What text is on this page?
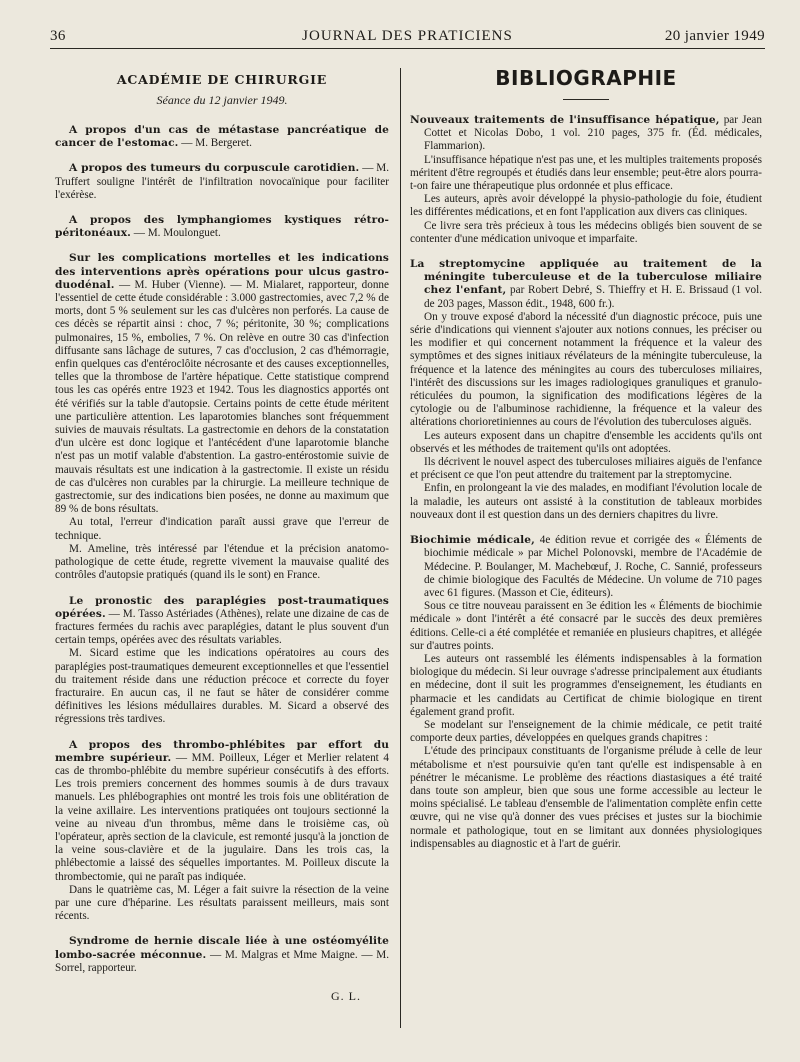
36	JOURNAL DES PRATICIENS	20 janvier 1949
ACADÉMIE DE CHIRURGIE
Séance du 12 janvier 1949.

A propos d'un cas de métastase pancréatique de cancer de l'estomac. — M. Bergeret.

A propos des tumeurs du corpuscule carotidien. — M. Truffert souligne l'intérêt de l'infiltration novocaïnique pour faciliter l'exérèse.

A propos des lymphangiomes kystiques rétro-péritonéaux. — M. Moulonguet.

Sur les complications mortelles et les indications des interventions après opérations pour ulcus gastro-duodénal. — M. Huber (Vienne). — M. Mialaret, rapporteur, donne l'essentiel de cette étude considérable : 3.000 gastrectomies, avec 7,2 % de morts, dont 5 % seulement sur les cas d'ulcères non perforés. La cause de ces décès se répartit ainsi : choc, 7 %; péritonite, 30 %; complications pulmonaires, 15 %, embolies, 7 %. On relève en outre 30 cas d'infection diffusante sans lâchage de sutures, 7 cas d'occlusion, 2 cas d'hémorragie, enfin quelques cas d'entéroclôite nécrosante et des causes exceptionnelles, telles que la thrombose de l'artère hépatique. Cette statistique comprend tous les cas opérés entre 1923 et 1942. Tous les diagnostics apportés ont été vérifiés sur la table d'autopsie. Certains points de cette étude méritent une particulière attention. Les laparotomies blanches sont fréquemment suivies de mauvais résultats. La gastrectomie en dehors de la constatation d'un ulcère est donc logique et l'antécédent d'une laparotomie blanche n'est pas un motif valable d'abstention. La gastro-entérostomie suivie de mauvais résultats est une indication à la gastrectomie. Il existe un résidu de cas d'ulcères non curables par la chirurgie. La meilleure technique de gastrectomie, sur des indications bien posées, ne donne au maximum que 89 % de bons résultats.

Au total, l'erreur d'indication paraît aussi grave que l'erreur de technique.

M. Ameline, très intéressé par l'étendue et la précision anatomo-pathologique de cette étude, regrette vivement la mauvaise qualité des contrôles d'autopsie pratiqués (quand ils le sont) en France.

Le pronostic des paraplégies post-traumatiques opérées. — M. Tasso Astériades (Athènes), relate une dizaine de cas de fractures fermées du rachis avec paraplégies, datant le plus souvent d'un certain temps, opérées avec des résultats variables.

M. Sicard estime que les indications opératoires au cours des paraplégies post-traumatiques demeurent exceptionnelles et que l'essentiel du traitement réside dans une réduction précoce et correcte du foyer fracturaire. En aucun cas, il ne faut se hâter de considérer comme définitives les lésions médullaires durables. M. Sicard a observé des régressions très tardives.

A propos des thrombo-phlébites par effort du membre supérieur. — MM. Poilleux, Léger et Merlier relatent 4 cas de thrombo-phlébite du membre supérieur consécutifs à des efforts. Les trois premiers concernent des hommes soumis à de durs travaux manuels. Les phlébographies ont montré les trois fois une oblitération de la veine axillaire. Les interventions pratiquées ont toujours sectionné la veine au niveau d'un thrombus, même dans le troisième cas, où l'opérateur, après section de la clavicule, est remonté jusqu'à la jonction de la veine sous-clavière et de la jugulaire. Dans les trois cas, la phlébectomie a laissé des séquelles importantes. M. Poilleux discute la thrombectomie, qui ne paraît pas indiquée.

Dans le quatrième cas, M. Léger a fait suivre la résection de la veine par une cure d'héparine. Les résultats paraissent meilleurs, mais sont récents.

Syndrome de hernie discale liée à une ostéomyélite lombo-sacrée méconnue. — M. Malgras et Mme Maigne. — M. Sorrel, rapporteur.

G. L.
BIBLIOGRAPHIE

Nouveaux traitements de l'insuffisance hépatique, par Jean Cottet et Nicolas Dobo, 1 vol. 210 pages, 375 fr. (Éd. médicales, Flammarion).

L'insuffisance hépatique n'est pas une, et les multiples traitements proposés méritent d'être regroupés et étudiés dans leur ensemble; peut-être alors pourra-t-on faire une thérapeutique plus ordonnée et plus efficace.

Les auteurs, après avoir développé la physio-pathologie du foie, étudient les différentes médications, et en font l'application aux divers cas cliniques.

Ce livre sera très précieux à tous les médecins obligés bien souvent de se contenter d'une médication univoque et imparfaite.

La streptomycine appliquée au traitement de la méningite tuberculeuse et de la tuberculose miliaire chez l'enfant, par Robert Debré, S. Thieffry et H. E. Brissaud (1 vol. de 203 pages, Masson édit., 1948, 600 fr.).

On y trouve exposé d'abord la nécessité d'un diagnostic précoce, puis une série d'indications qui viennent s'ajouter aux notions connues, les préciser ou les modifier et qui concernent notamment la fréquence et la valeur des symptômes et des signes initiaux révélateurs de la méningite tuberculeuse, la fréquence et la latence des méningites au cours des tuberculoses miliaires, l'intérêt des discussions sur les images radiologiques granuliques et granulo-réticulées du poumon, la signification des modifications légères de la cytologie ou de l'albuminose rachidienne, la fréquence et la valeur des altérations chorioretiniennes au cours de l'évolution des tuberculoses aiguës.

Les auteurs exposent dans un chapitre d'ensemble les accidents qu'ils ont observés et les méthodes de traitement qu'ils ont adoptées.

Ils décrivent le nouvel aspect des tuberculoses miliaires aiguës de l'enfance et précisent ce que l'on peut attendre du traitement par la streptomycine.

Enfin, en prolongeant la vie des malades, en modifiant l'évolution locale de la maladie, les auteurs ont assisté à la constitution de tableaux morbides nouveaux dont il est question dans un des derniers chapitres du livre.

Biochimie médicale, 4e édition revue et corrigée des « Éléments de biochimie médicale » par Michel Polonovski, membre de l'Académie de Médecine. P. Boulanger, M. Machebœuf, J. Roche, C. Sannié, professeurs de chimie biologique des Facultés de Médecine. Un volume de 710 pages avec 61 figures. (Masson et Cie, éditeurs).

Sous ce titre nouveau paraissent en 3e édition les « Éléments de biochimie médicale » dont l'intérêt a été consacré par le succès des deux premières éditions. Celle-ci a été complétée et remaniée en plusieurs chapitres, et allégée sur d'autres points.

Les auteurs ont rassemblé les éléments indispensables à la formation biologique du médecin. Si leur ouvrage s'adresse principalement aux étudiants en médecine, dont il suit les programmes d'enseignement, les étudiants en pharmacie et les candidats au Certificat de chimie biologique en tirent également grand profit.

Se modelant sur l'enseignement de la chimie médicale, ce petit traité comporte deux parties, développées en quelques grands chapitres :

L'étude des principaux constituants de l'organisme prélude à celle de leur métabolisme et n'est poursuivie qu'en tant qu'elle est indispensable à en pénétrer le mécanisme. Le problème des réactions diastasiques a été traité dans toute son ampleur, bien que sous une forme accessible au lecteur le moins spécialisé. Le tableau d'ensemble de l'alimentation complète enfin cette œuvre, qui ne vise qu'à donner des vues précises et justes sur la biochimie normale et pathologique, tout en se limitant aux données physiologiques indispensables au diagnostic et à l'art de guérir.
